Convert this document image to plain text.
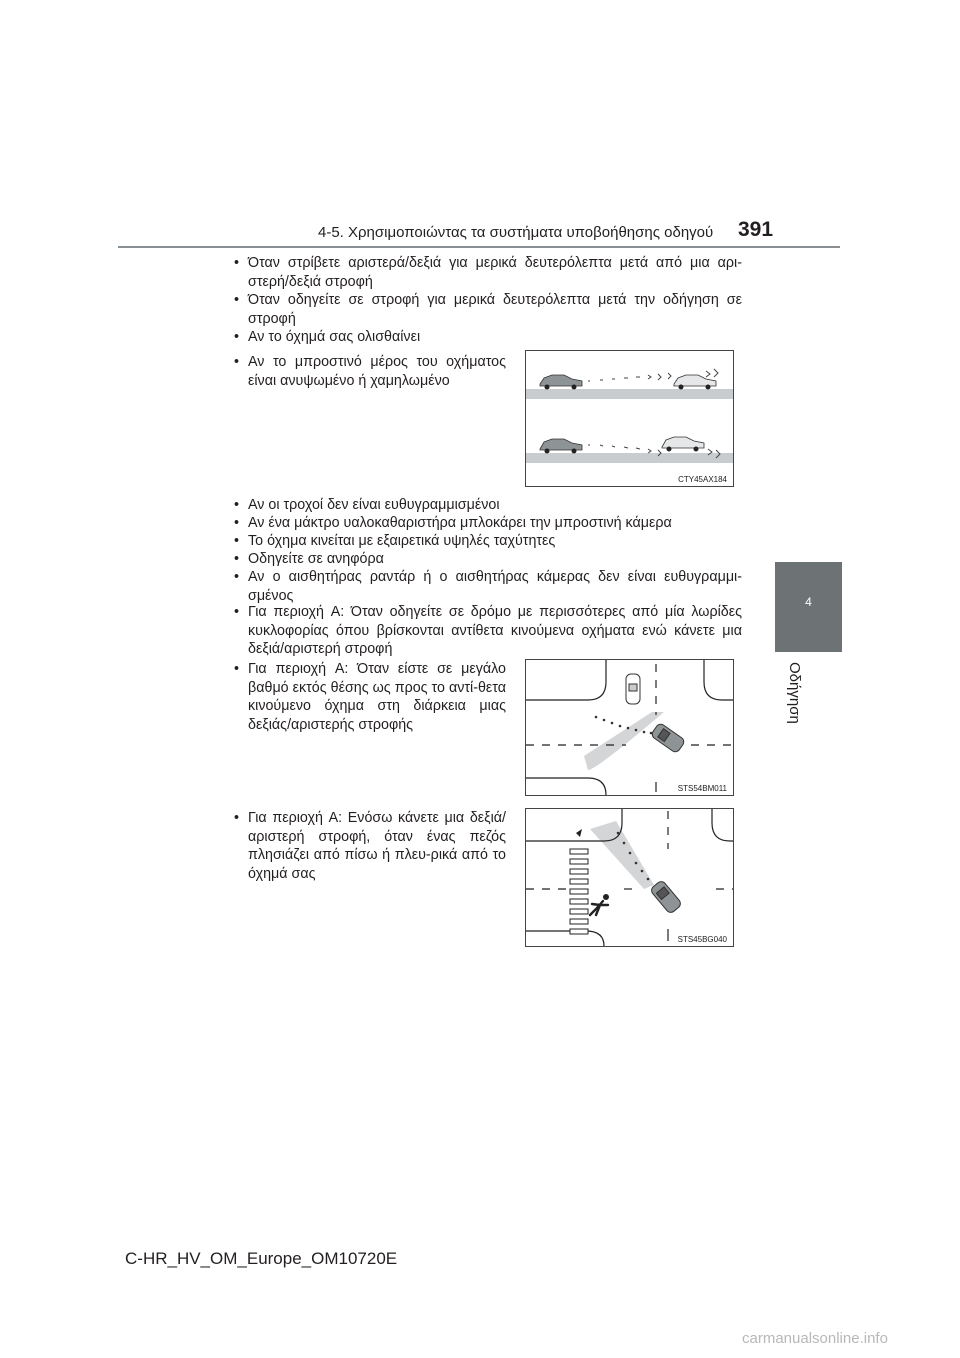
4-5. Χρησιμοποιώντας τα συστήματα υποβοήθησης οδηγού 391
4
Οδήγηση
• Όταν στρίβετε αριστερά/δεξιά για μερικά δευτερόλεπτα μετά από μια αρι-στερή/δεξιά στροφή
• Όταν οδηγείτε σε στροφή για μερικά δευτερόλεπτα μετά την οδήγηση σε στροφή
• Αν το όχημά σας ολισθαίνει
• Αν το μπροστινό μέρος του οχήματος είναι ανυψωμένο ή χαμηλωμένο
CTY45AX184
• Αν οι τροχοί δεν είναι ευθυγραμμισμένοι
• Αν ένα μάκτρο υαλοκαθαριστήρα μπλοκάρει την μπροστινή κάμερα
• Το όχημα κινείται με εξαιρετικά υψηλές ταχύτητες
• Οδηγείτε σε ανηφόρα
• Αν ο αισθητήρας ραντάρ ή ο αισθητήρας κάμερας δεν είναι ευθυγραμμι-σμένος
• Για περιοχή A: Όταν οδηγείτε σε δρόμο με περισσότερες από μία λωρίδες κυκλοφορίας όπου βρίσκονται αντίθετα κινούμενα οχήματα ενώ κάνετε μια δεξιά/αριστερή στροφή
• Για περιοχή A: Όταν είστε σε μεγάλο βαθμό εκτός θέσης ως προς το αντί-θετα κινούμενο όχημα στη διάρκεια μιας δεξιάς/αριστερής στροφής
STS54BM011
• Για περιοχή A: Ενόσω κάνετε μια δεξιά/αριστερή στροφή, όταν ένας πεζός πλησιάζει από πίσω ή πλευ-ρικά από το όχημά σας
STS45BG040
C-HR_HV_OM_Europe_OM10720E
carmanualsonline.info
